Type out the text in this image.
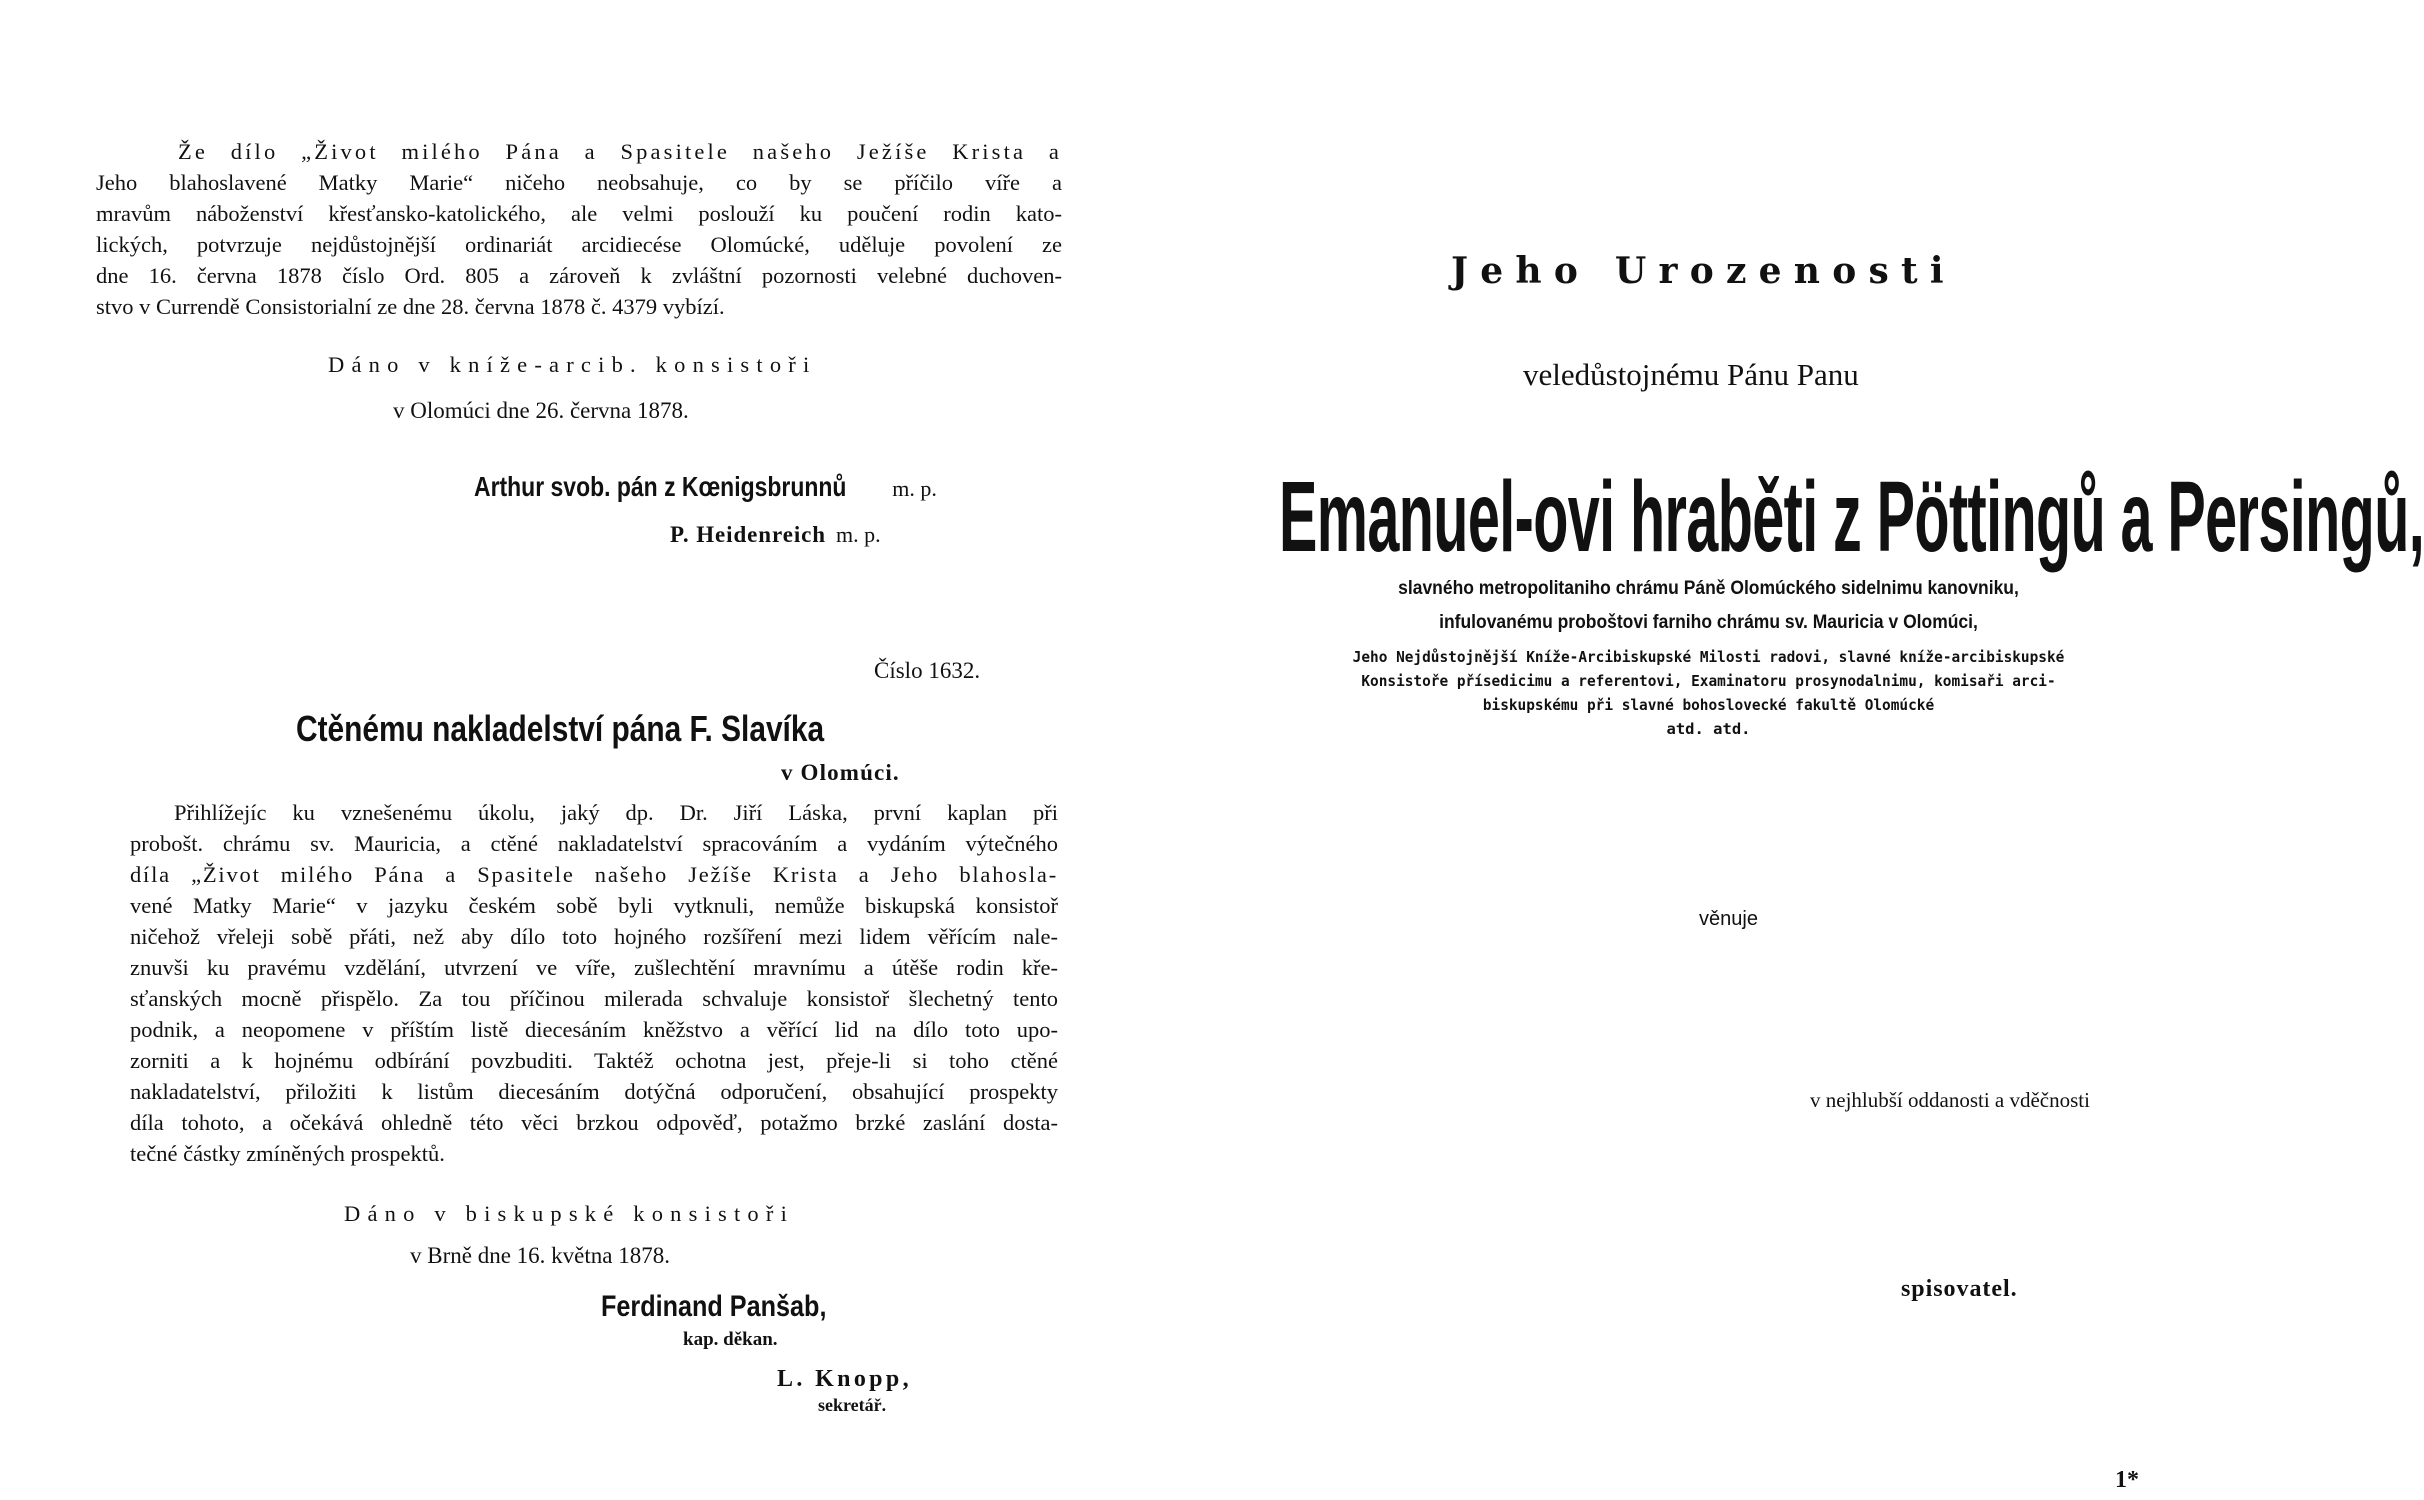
Že dílo „Život milého Pána a Spasitele našeho Ježíše Krista a
Jeho blahoslavené Matky Marie“ ničeho neobsahuje, co by se příčilo víře a
mravům náboženství křesťansko-katolického, ale velmi poslouží ku poučení rodin kato-
lických, potvrzuje nejdůstojnější ordinariát arcidiecése Olomúcké, uděluje povolení ze
dne 16. června 1878 číslo Ord. 805 a zároveň k zvláštní pozornosti velebné duchoven-
stvo v Currendě Consistorialní ze dne 28. června 1878 č. 4379 vybízí.
Dáno v kníže-arcib. konsistoři
v Olomúci dne 26. června 1878.
Arthur svob. pán z Kœnigsbrunnů m. p.
P. Heidenreich m. p.
Číslo 1632.
Ctěnému nakladelství pána F. Slavíka
v Olomúci.
Přihlížejíc ku vznešenému úkolu, jaký dp. Dr. Jiří Láska, první kaplan při
probošt. chrámu sv. Mauricia, a ctěné nakladatelství spracováním a vydáním výtečného
díla „Život milého Pána a Spasitele našeho Ježíše Krista a Jeho blahosla-
vené Matky Marie“ v jazyku českém sobě byli vytknuli, nemůže biskupská konsistoř
ničehož vřeleji sobě přáti, než aby dílo toto hojného rozšíření mezi lidem věřícím nale-
znuvši ku pravému vzdělání, utvrzení ve víře, zušlechtění mravnímu a útěše rodin kře-
sťanských mocně přispělo. Za tou příčinou milerada schvaluje konsistoř šlechetný tento
podnik, a neopomene v příštím listě diecesáním kněžstvo a věřící lid na dílo toto upo-
zorniti a k hojnému odbírání povzbuditi. Taktéž ochotna jest, přeje-li si toho ctěné
nakladatelství, přiložiti k listům diecesáním dotýčná odporučení, obsahující prospekty
díla tohoto, a očekává ohledně této věci brzkou odpověď, potažmo brzké zaslání dosta-
tečné částky zmíněných prospektů.
Dáno v biskupské konsistoři
v Brně dne 16. května 1878.
Ferdinand Panšab,
kap. děkan.
L. Knopp,
sekretář.
Jeho Urozenosti
veledůstojnému Pánu Panu
Emanuel-ovi hraběti z Pöttingů a Persingů,
slavného metropolitaniho chrámu Páně Olomúckého sidelnimu kanovniku,
infulovanému proboštovi farniho chrámu sv. Mauricia v Olomúci,
Jeho Nejdůstojnější Kníže-Arcibiskupské Milosti radovi, slavné kníže-arcibiskupské
Konsistoře přísedicimu a referentovi, Examinatoru prosynodalnimu, komisaři arci-
biskupskému při slavné bohoslovecké fakultě Olomúcké
atd. atd.
věnuje
v nejhlubší oddanosti a vděčnosti
spisovatel.
1*
